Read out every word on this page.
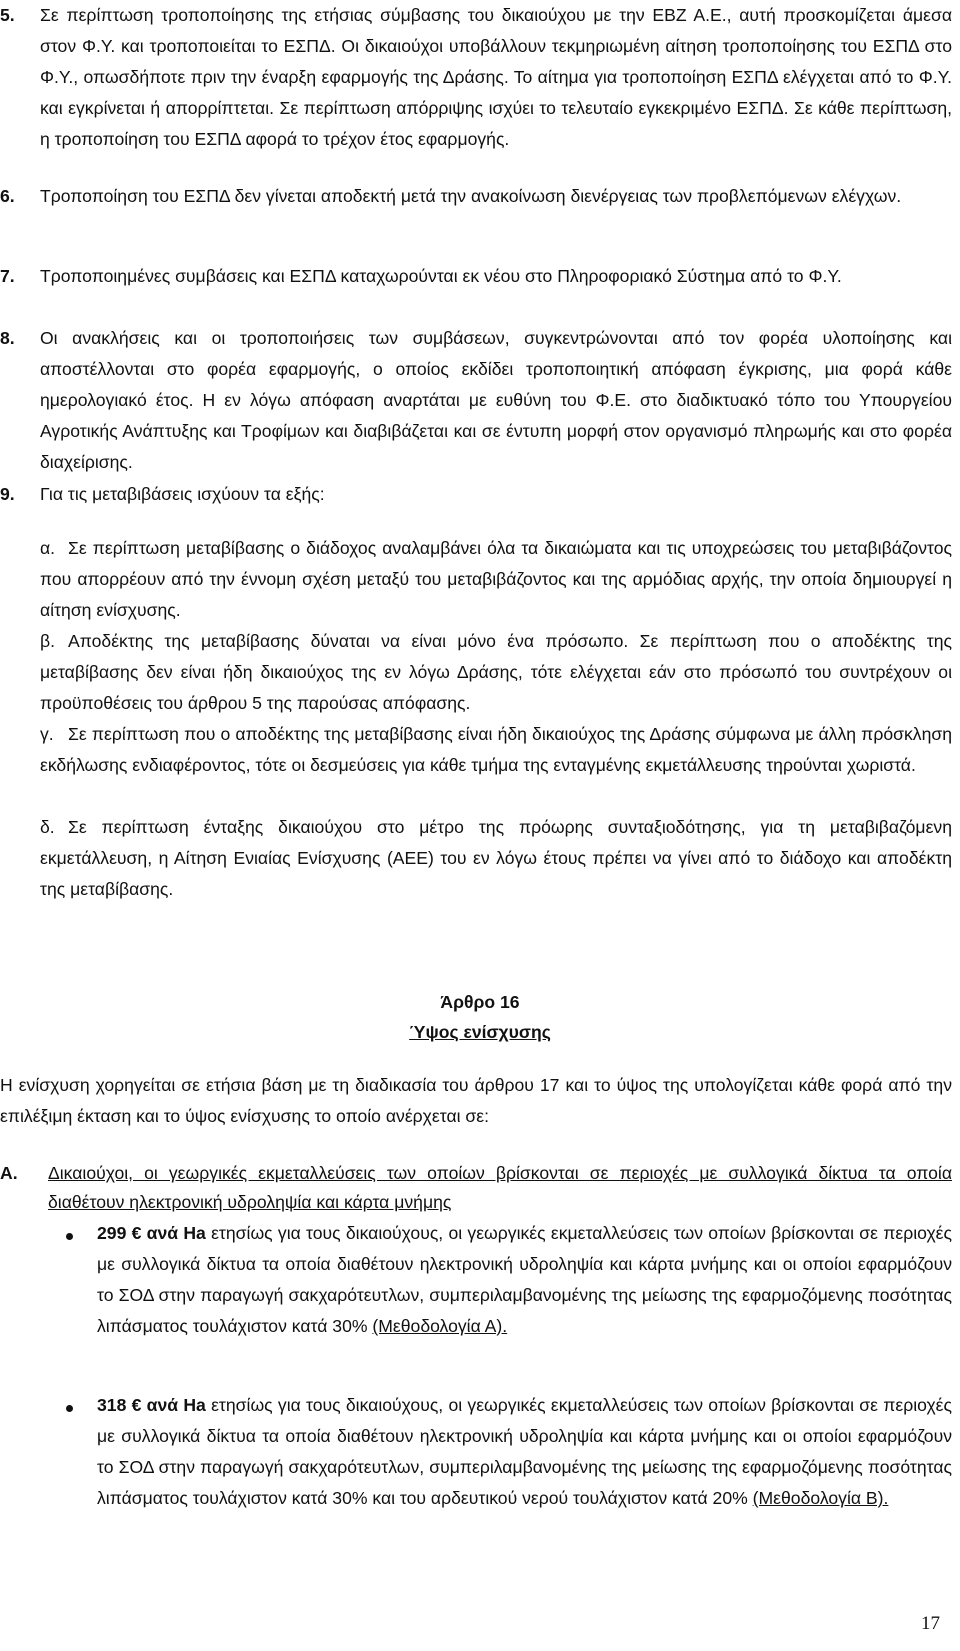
5. Σε περίπτωση τροποποίησης της ετήσιας σύμβασης του δικαιούχου με την ΕΒΖ Α.Ε., αυτή προσκομίζεται άμεσα στον Φ.Υ. και τροποποιείται το ΕΣΠΔ. Οι δικαιούχοι υποβάλλουν τεκμηριωμένη αίτηση τροποποίησης του ΕΣΠΔ στο Φ.Υ., οπωσδήποτε πριν την έναρξη εφαρμογής της Δράσης. Το αίτημα για τροποποίηση ΕΣΠΔ ελέγχεται από το Φ.Υ. και εγκρίνεται ή απορρίπτεται. Σε περίπτωση απόρριψης ισχύει το τελευταίο εγκεκριμένο ΕΣΠΔ. Σε κάθε περίπτωση, η τροποποίηση του ΕΣΠΔ αφορά το τρέχον έτος εφαρμογής.

6. Τροποποίηση του ΕΣΠΔ δεν γίνεται αποδεκτή μετά την ανακοίνωση διενέργειας των προβλεπόμενων ελέγχων.

7. Τροποποιημένες συμβάσεις και ΕΣΠΔ καταχωρούνται εκ νέου στο Πληροφοριακό Σύστημα από το Φ.Υ.

8. Οι ανακλήσεις και οι τροποποιήσεις των συμβάσεων, συγκεντρώνονται από τον φορέα υλοποίησης και αποστέλλονται στο φορέα εφαρμογής, ο οποίος εκδίδει τροποποιητική απόφαση έγκρισης, μια φορά κάθε ημερολογιακό έτος. Η εν λόγω απόφαση αναρτάται με ευθύνη του Φ.Ε. στο διαδικτυακό τόπο του Υπουργείου Αγροτικής Ανάπτυξης και Τροφίμων και διαβιβάζεται και σε έντυπη μορφή στον οργανισμό πληρωμής και στο φορέα διαχείρισης.

9. Για τις μεταβιβάσεις ισχύουν τα εξής:

α. Σε περίπτωση μεταβίβασης ο διάδοχος αναλαμβάνει όλα τα δικαιώματα και τις υποχρεώσεις του μεταβιβάζοντος που απορρέουν από την έννομη σχέση μεταξύ του μεταβιβάζοντος και της αρμόδιας αρχής, την οποία δημιουργεί η αίτηση ενίσχυσης.

β. Αποδέκτης της μεταβίβασης δύναται να είναι μόνο ένα πρόσωπο. Σε περίπτωση που ο αποδέκτης της μεταβίβασης δεν είναι ήδη δικαιούχος της εν λόγω Δράσης, τότε ελέγχεται εάν στο πρόσωπό του συντρέχουν οι προϋποθέσεις του άρθρου 5 της παρούσας απόφασης.

γ. Σε περίπτωση που ο αποδέκτης της μεταβίβασης είναι ήδη δικαιούχος της Δράσης σύμφωνα με άλλη πρόσκληση εκδήλωσης ενδιαφέροντος, τότε οι δεσμεύσεις για κάθε τμήμα της ενταγμένης εκμετάλλευσης τηρούνται χωριστά.

δ. Σε περίπτωση ένταξης δικαιούχου στο μέτρο της πρόωρης συνταξιοδότησης, για τη μεταβιβαζόμενη εκμετάλλευση, η Αίτηση Ενιαίας Ενίσχυσης (ΑΕΕ) του εν λόγω έτους πρέπει να γίνει από το διάδοχο και αποδέκτη της μεταβίβασης.

Άρθρο 16
Ύψος ενίσχυσης

Η ενίσχυση χορηγείται σε ετήσια βάση με τη διαδικασία του άρθρου 17 και το ύψος της υπολογίζεται κάθε φορά από την επιλέξιμη έκταση και το ύψος ενίσχυσης το οποίο ανέρχεται σε:

Α. Δικαιούχοι, οι γεωργικές εκμεταλλεύσεις των οποίων βρίσκονται σε περιοχές με συλλογικά δίκτυα τα οποία διαθέτουν ηλεκτρονική υδροληψία και κάρτα μνήμης

299 € ανά Ηa ετησίως για τους δικαιούχους, οι γεωργικές εκμεταλλεύσεις των οποίων βρίσκονται σε περιοχές με συλλογικά δίκτυα τα οποία διαθέτουν ηλεκτρονική υδροληψία και κάρτα μνήμης και οι οποίοι εφαρμόζουν το ΣΟΔ στην παραγωγή σακχαρότευτλων, συμπεριλαμβανομένης της μείωσης της εφαρμοζόμενης ποσότητας λιπάσματος τουλάχιστον κατά 30% (Μεθοδολογία Α).

318 € ανά Ηa ετησίως για τους δικαιούχους, οι γεωργικές εκμεταλλεύσεις των οποίων βρίσκονται σε περιοχές με συλλογικά δίκτυα τα οποία διαθέτουν ηλεκτρονική υδροληψία και κάρτα μνήμης και οι οποίοι εφαρμόζουν το ΣΟΔ στην παραγωγή σακχαρότευτλων, συμπεριλαμβανομένης της μείωσης της εφαρμοζόμενης ποσότητας λιπάσματος τουλάχιστον κατά 30% και του αρδευτικού νερού τουλάχιστον κατά 20% (Μεθοδολογία Β).

17
